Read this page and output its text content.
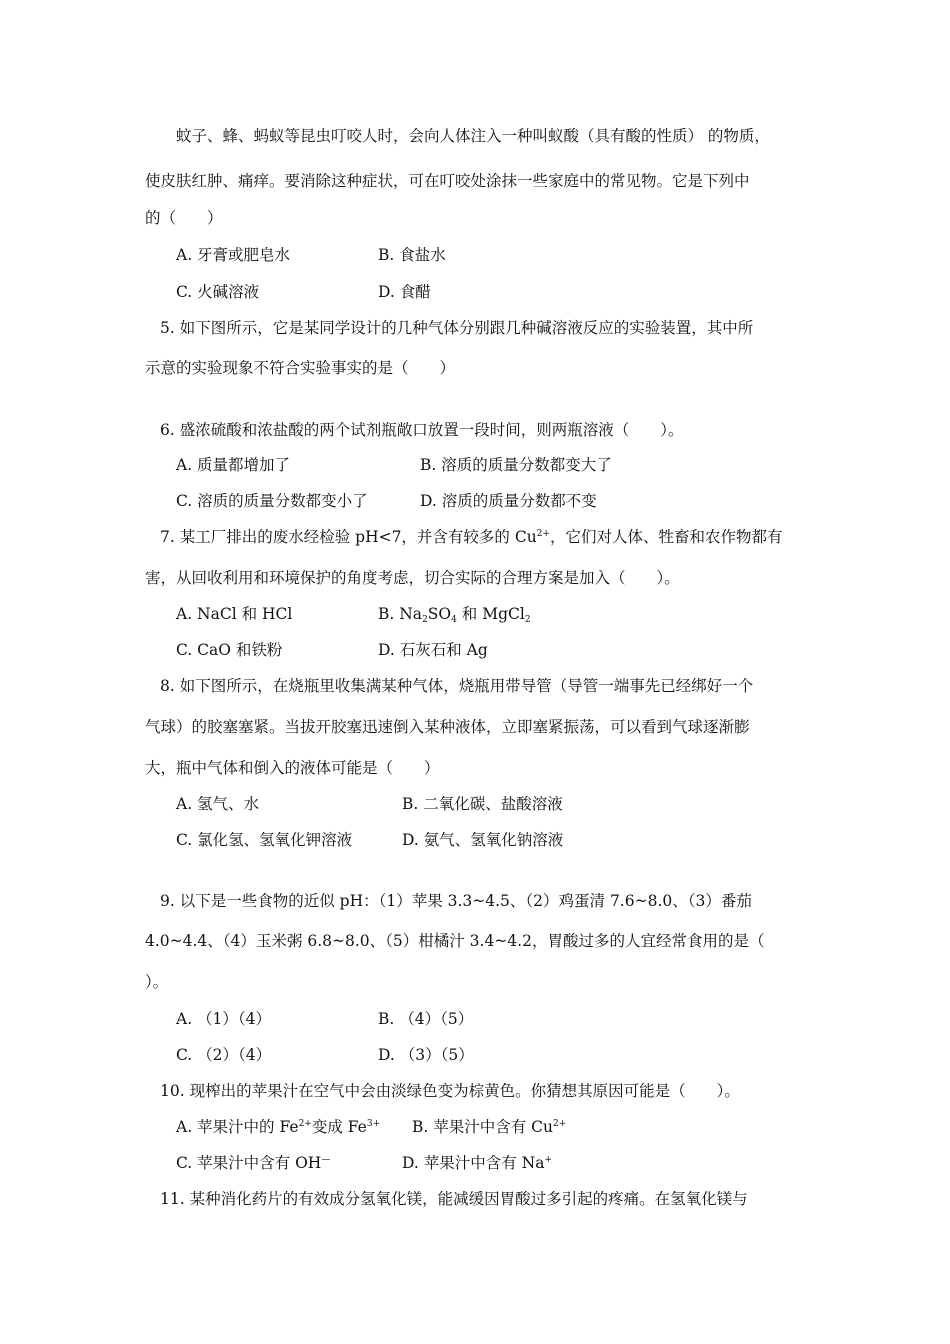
蚊子、蜂、蚂蚁等昆虫叮咬人时，会向人体注入一种叫蚁酸（具有酸的性质） 的物质，
使皮肤红肿、痛痒。要消除这种症状，可在叮咬处涂抹一些家庭中的常见物。它是下列中
的（　　）
A. 牙膏或肥皂水	B. 食盐水
C. 火碱溶液	D. 食醋
5. 如下图所示，它是某同学设计的几种气体分别跟几种碱溶液反应的实验装置，其中所
示意的实验现象不符合实验事实的是（　　）
6. 盛浓硫酸和浓盐酸的两个试剂瓶敞口放置一段时间，则两瓶溶液（　　）。
A. 质量都增加了	B. 溶质的质量分数都变大了
C. 溶质的质量分数都变小了	D. 溶质的质量分数都不变
7. 某工厂排出的废水经检验 pH<7，并含有较多的 $Cu^{2+}$，它们对人体、牲畜和农作物都有
害，从回收利用和环境保护的角度考虑，切合实际的合理方案是加入（　　）。
A. NaCl 和 HCl	B. $Na_2SO_4$ 和 MgCl$_2$
C. CaO 和铁粉	D. 石灰石和 Ag
8. 如下图所示，在烧瓶里收集满某种气体，烧瓶用带导管（导管一端事先已经绑好一个
气球）的胶塞塞紧。当拔开胶塞迅速倒入某种液体，立即塞紧振荡，可以看到气球逐渐膨
大，瓶中气体和倒入的液体可能是（　　）
A. 氢气、水	B. 二氧化碳、盐酸溶液
C. 氯化氢、氢氧化钾溶液	D. 氨气、氢氧化钠溶液
9. 以下是一些食物的近似 pH：（1）苹果 3.3~4.5、（2）鸡蛋清 7.6~8.0、（3）番茄
4.0~4.4、（4）玉米粥 6.8~8.0、（5）柑橘汁 3.4~4.2，胃酸过多的人宜经常食用的是（
）。
A. （1）（4）	B. （4）（5）
C. （2）（4）	D. （3）（5）
10. 现榨出的苹果汁在空气中会由淡绿色变为棕黄色。你猜想其原因可能是（　　）。
A. 苹果汁中的 $Fe^{2+}$变成 $Fe^{3+}$ B. 苹果汁中含有 $Cu^{2+}$
C. 苹果汁中含有 OH—	D. 苹果汁中含有 Na+
11. 某种消化药片的有效成分氢氧化镁，能减缓因胃酸过多引起的疼痛。在氢氧化镁与
